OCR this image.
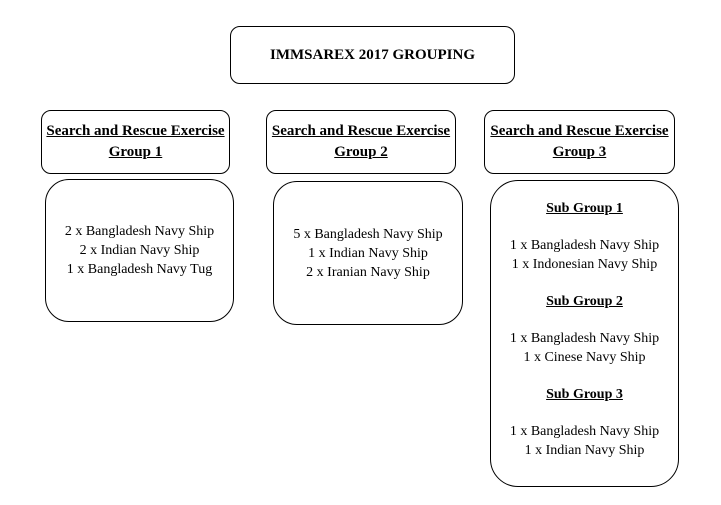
IMMSAREX 2017 GROUPING
Search and Rescue Exercise
Group 1
Search and Rescue Exercise
Group 2
Search and Rescue Exercise
Group 3
2 x Bangladesh Navy Ship
2 x Indian Navy Ship
1 x Bangladesh Navy Tug
5 x Bangladesh Navy Ship
1 x Indian Navy Ship
2 x Iranian Navy Ship
Sub Group 1
1 x Bangladesh Navy Ship
1 x Indonesian Navy Ship
Sub Group 2
1 x Bangladesh Navy Ship
1 x Cinese Navy Ship
Sub Group 3
1 x Bangladesh Navy Ship
1 x Indian Navy Ship
